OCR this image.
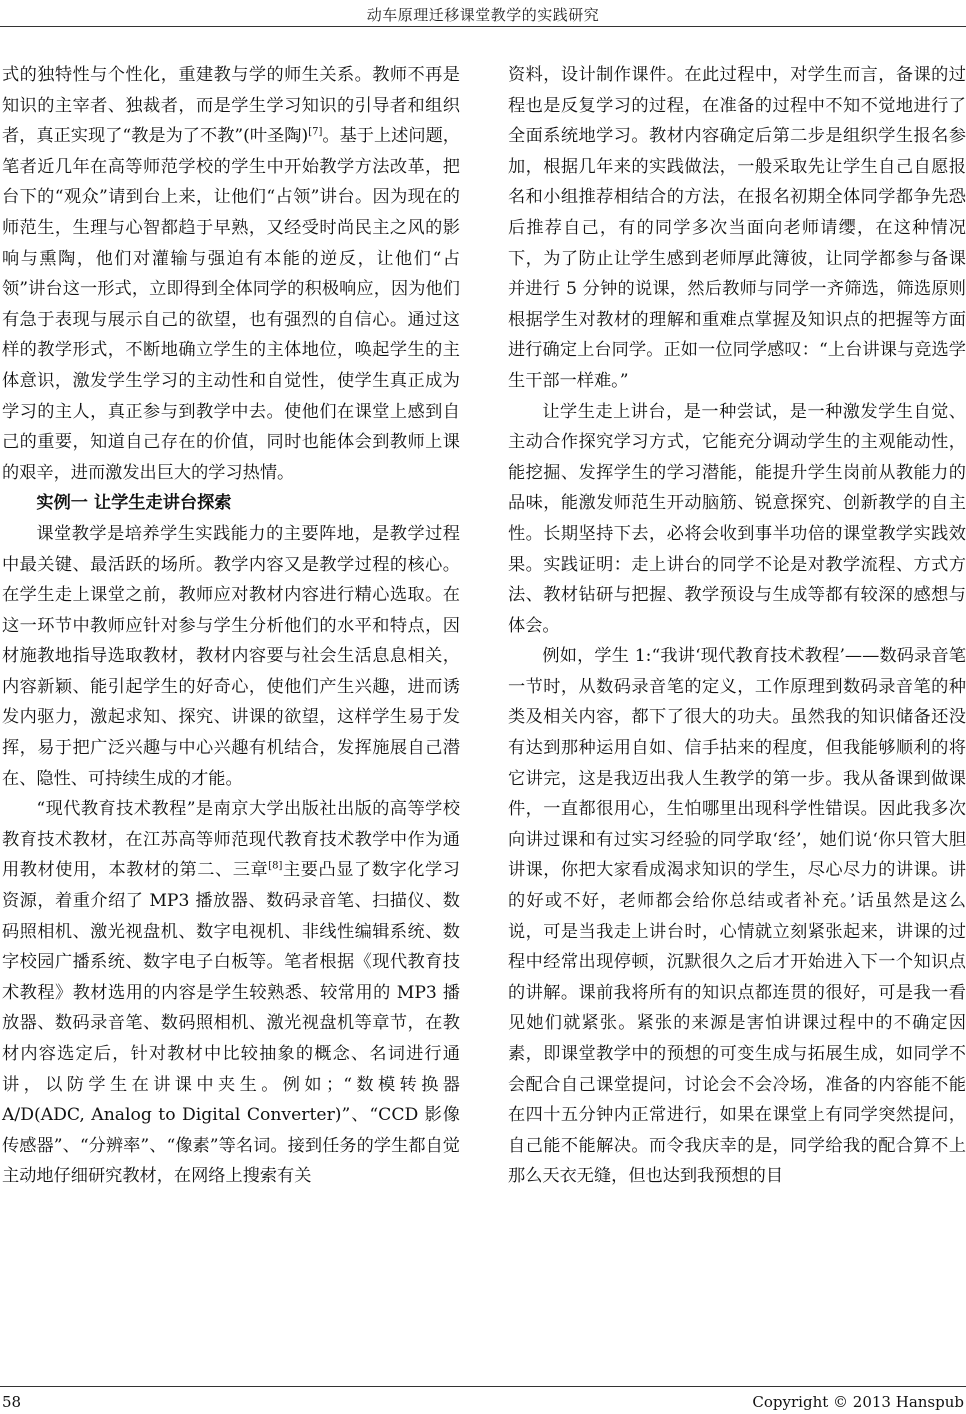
动车原理迁移课堂教学的实践研究

式的独特性与个性化，重建教与学的师生关系。教师不再是知识的主宰者、独裁者，而是学生学习知识的引导者和组织者，真正实现了“教是为了不教”(叶圣陶)[7]。基于上述问题，笔者近几年在高等师范学校的学生中开始教学方法改革，把台下的“观众”请到台上来，让他们“占领”讲台。因为现在的师范生，生理与心智都趋于早熟，又经受时尚民主之风的影响与熏陶，他们对灌输与强迫有本能的逆反，让他们“占领”讲台这一形式，立即得到全体同学的积极响应，因为他们有急于表现与展示自己的欲望，也有强烈的自信心。通过这样的教学形式，不断地确立学生的主体地位，唤起学生的主体意识，激发学生学习的主动性和自觉性，使学生真正成为学习的主人，真正参与到教学中去。使他们在课堂上感到自己的重要，知道自己存在的价值，同时也能体会到教师上课的艰辛，进而激发出巨大的学习热情。

实例一 让学生走讲台探索

课堂教学是培养学生实践能力的主要阵地，是教学过程中最关键、最活跃的场所。教学内容又是教学过程的核心。在学生走上课堂之前，教师应对教材内容进行精心选取。在这一环节中教师应针对参与学生分析他们的水平和特点，因材施教地指导选取教材，教材内容要与社会生活息息相关，内容新颖、能引起学生的好奇心，使他们产生兴趣，进而诱发内驱力，激起求知、探究、讲课的欲望，这样学生易于发挥，易于把广泛兴趣与中心兴趣有机结合，发挥施展自己潜在、隐性、可持续生成的才能。

“现代教育技术教程”是南京大学出版社出版的高等学校教育技术教材，在江苏高等师范现代教育技术教学中作为通用教材使用，本教材的第二、三章[8]主要凸显了数字化学习资源，着重介绍了 MP3 播放器、数码录音笔、扫描仪、数码照相机、激光视盘机、数字电视机、非线性编辑系统、数字校园广播系统、数字电子白板等。笔者根据《现代教育技术教程》教材选用的内容是学生较熟悉、较常用的 MP3 播放器、数码录音笔、数码照相机、激光视盘机等章节，在教材内容选定后，针对教材中比较抽象的概念、名词进行通讲，以防学生在讲课中夹生。例如；“数模转换器 A/D(ADC, Analog to Digital Converter)”、“CCD 影像传感器”、“分辨率”、“像素”等名词。接到任务的学生都自觉主动地仔细研究教材，在网络上搜索有关

资料，设计制作课件。在此过程中，对学生而言，备课的过程也是反复学习的过程，在准备的过程中不知不觉地进行了全面系统地学习。教材内容确定后第二步是组织学生报名参加，根据几年来的实践做法，一般采取先让学生自己自愿报名和小组推荐相结合的方法，在报名初期全体同学都争先恐后推荐自己，有的同学多次当面向老师请缨，在这种情况下，为了防止让学生感到老师厚此簿彼，让同学都参与备课并进行 5 分钟的说课，然后教师与同学一齐筛选，筛选原则根据学生对教材的理解和重难点掌握及知识点的把握等方面进行确定上台同学。正如一位同学感叹：“上台讲课与竞选学生干部一样难。”

让学生走上讲台，是一种尝试，是一种激发学生自觉、主动合作探究学习方式，它能充分调动学生的主观能动性，能挖掘、发挥学生的学习潜能，能提升学生岗前从教能力的品味，能激发师范生开动脑筋、锐意探究、创新教学的自主性。长期坚持下去，必将会收到事半功倍的课堂教学实践效果。实践证明：走上讲台的同学不论是对教学流程、方式方法、教材钻研与把握、教学预设与生成等都有较深的感想与体会。

例如，学生 1:“我讲‘现代教育技术教程’——数码录音笔一节时，从数码录音笔的定义，工作原理到数码录音笔的种类及相关内容，都下了很大的功夫。虽然我的知识储备还没有达到那种运用自如、信手拈来的程度，但我能够顺利的将它讲完，这是我迈出我人生教学的第一步。我从备课到做课件，一直都很用心，生怕哪里出现科学性错误。因此我多次向讲过课和有过实习经验的同学取‘经’，她们说‘你只管大胆讲课，你把大家看成渴求知识的学生，尽心尽力的讲课。讲的好或不好，老师都会给你总结或者补充。’话虽然是这么说，可是当我走上讲台时，心情就立刻紧张起来，讲课的过程中经常出现停顿，沉默很久之后才开始进入下一个知识点的讲解。课前我将所有的知识点都连贯的很好，可是我一看见她们就紧张。紧张的来源是害怕讲课过程中的不确定因素，即课堂教学中的预想的可变生成与拓展生成，如同学不会配合自己课堂提问，讨论会不会冷场，准备的内容能不能在四十五分钟内正常进行，如果在课堂上有同学突然提问，自己能不能解决。而令我庆幸的是，同学给我的配合算不上那么天衣无缝，但也达到我预想的目

58	Copyright © 2013 Hanspub
